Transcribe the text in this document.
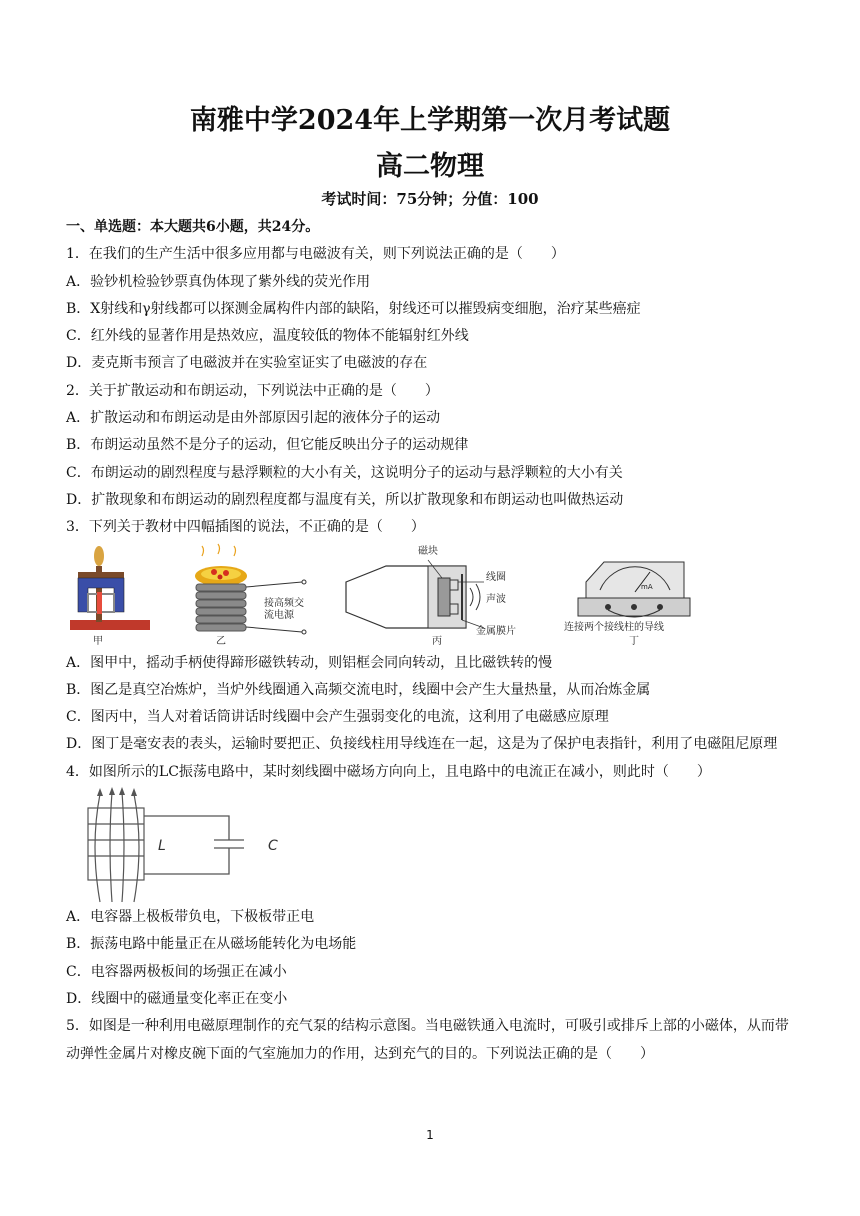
南雅中学2024年上学期第一次月考试题
高二物理
考试时间：75分钟；分值：100
一、单选题：本大题共6小题，共24分。
1．在我们的生产生活中很多应用都与电磁波有关，则下列说法正确的是（　　）
A．验钞机检验钞票真伪体现了紫外线的荧光作用
B．X射线和γ射线都可以探测金属构件内部的缺陷，射线还可以摧毁病变细胞，治疗某些癌症
C．红外线的显著作用是热效应，温度较低的物体不能辐射红外线
D．麦克斯韦预言了电磁波并在实验室证实了电磁波的存在
2．关于扩散运动和布朗运动，下列说法中正确的是（　　）
A．扩散运动和布朗运动是由外部原因引起的液体分子的运动
B．布朗运动虽然不是分子的运动，但它能反映出分子的运动规律
C．布朗运动的剧烈程度与悬浮颗粒的大小有关，这说明分子的运动与悬浮颗粒的大小有关
D．扩散现象和布朗运动的剧烈程度都与温度有关，所以扩散现象和布朗运动也叫做热运动
3．下列关于教材中四幅插图的说法，不正确的是（　　）
甲
接高频交
流电源
乙
磁块
线圈
声波
金属膜片
丙
mA
连接两个接线柱的导线
丁
A．图甲中，摇动手柄使得蹄形磁铁转动，则铝框会同向转动，且比磁铁转的慢
B．图乙是真空冶炼炉，当炉外线圈通入高频交流电时，线圈中会产生大量热量，从而冶炼金属
C．图丙中，当人对着话筒讲话时线圈中会产生强弱变化的电流，这利用了电磁感应原理
D．图丁是毫安表的表头，运输时要把正、负接线柱用导线连在一起，这是为了保护电表指针，利用了电磁阻尼原理
4．如图所示的LC振荡电路中，某时刻线圈中磁场方向向上，且电路中的电流正在减小，则此时（　　）
L	C
A．电容器上极板带负电，下极板带正电
B．振荡电路中能量正在从磁场能转化为电场能
C．电容器两极板间的场强正在减小
D．线圈中的磁通量变化率正在变小
5．如图是一种利用电磁原理制作的充气泵的结构示意图。当电磁铁通入电流时，可吸引或排斥上部的小磁体，从而带动弹性金属片对橡皮碗下面的气室施加力的作用，达到充气的目的。下列说法正确的是（　　）
1
